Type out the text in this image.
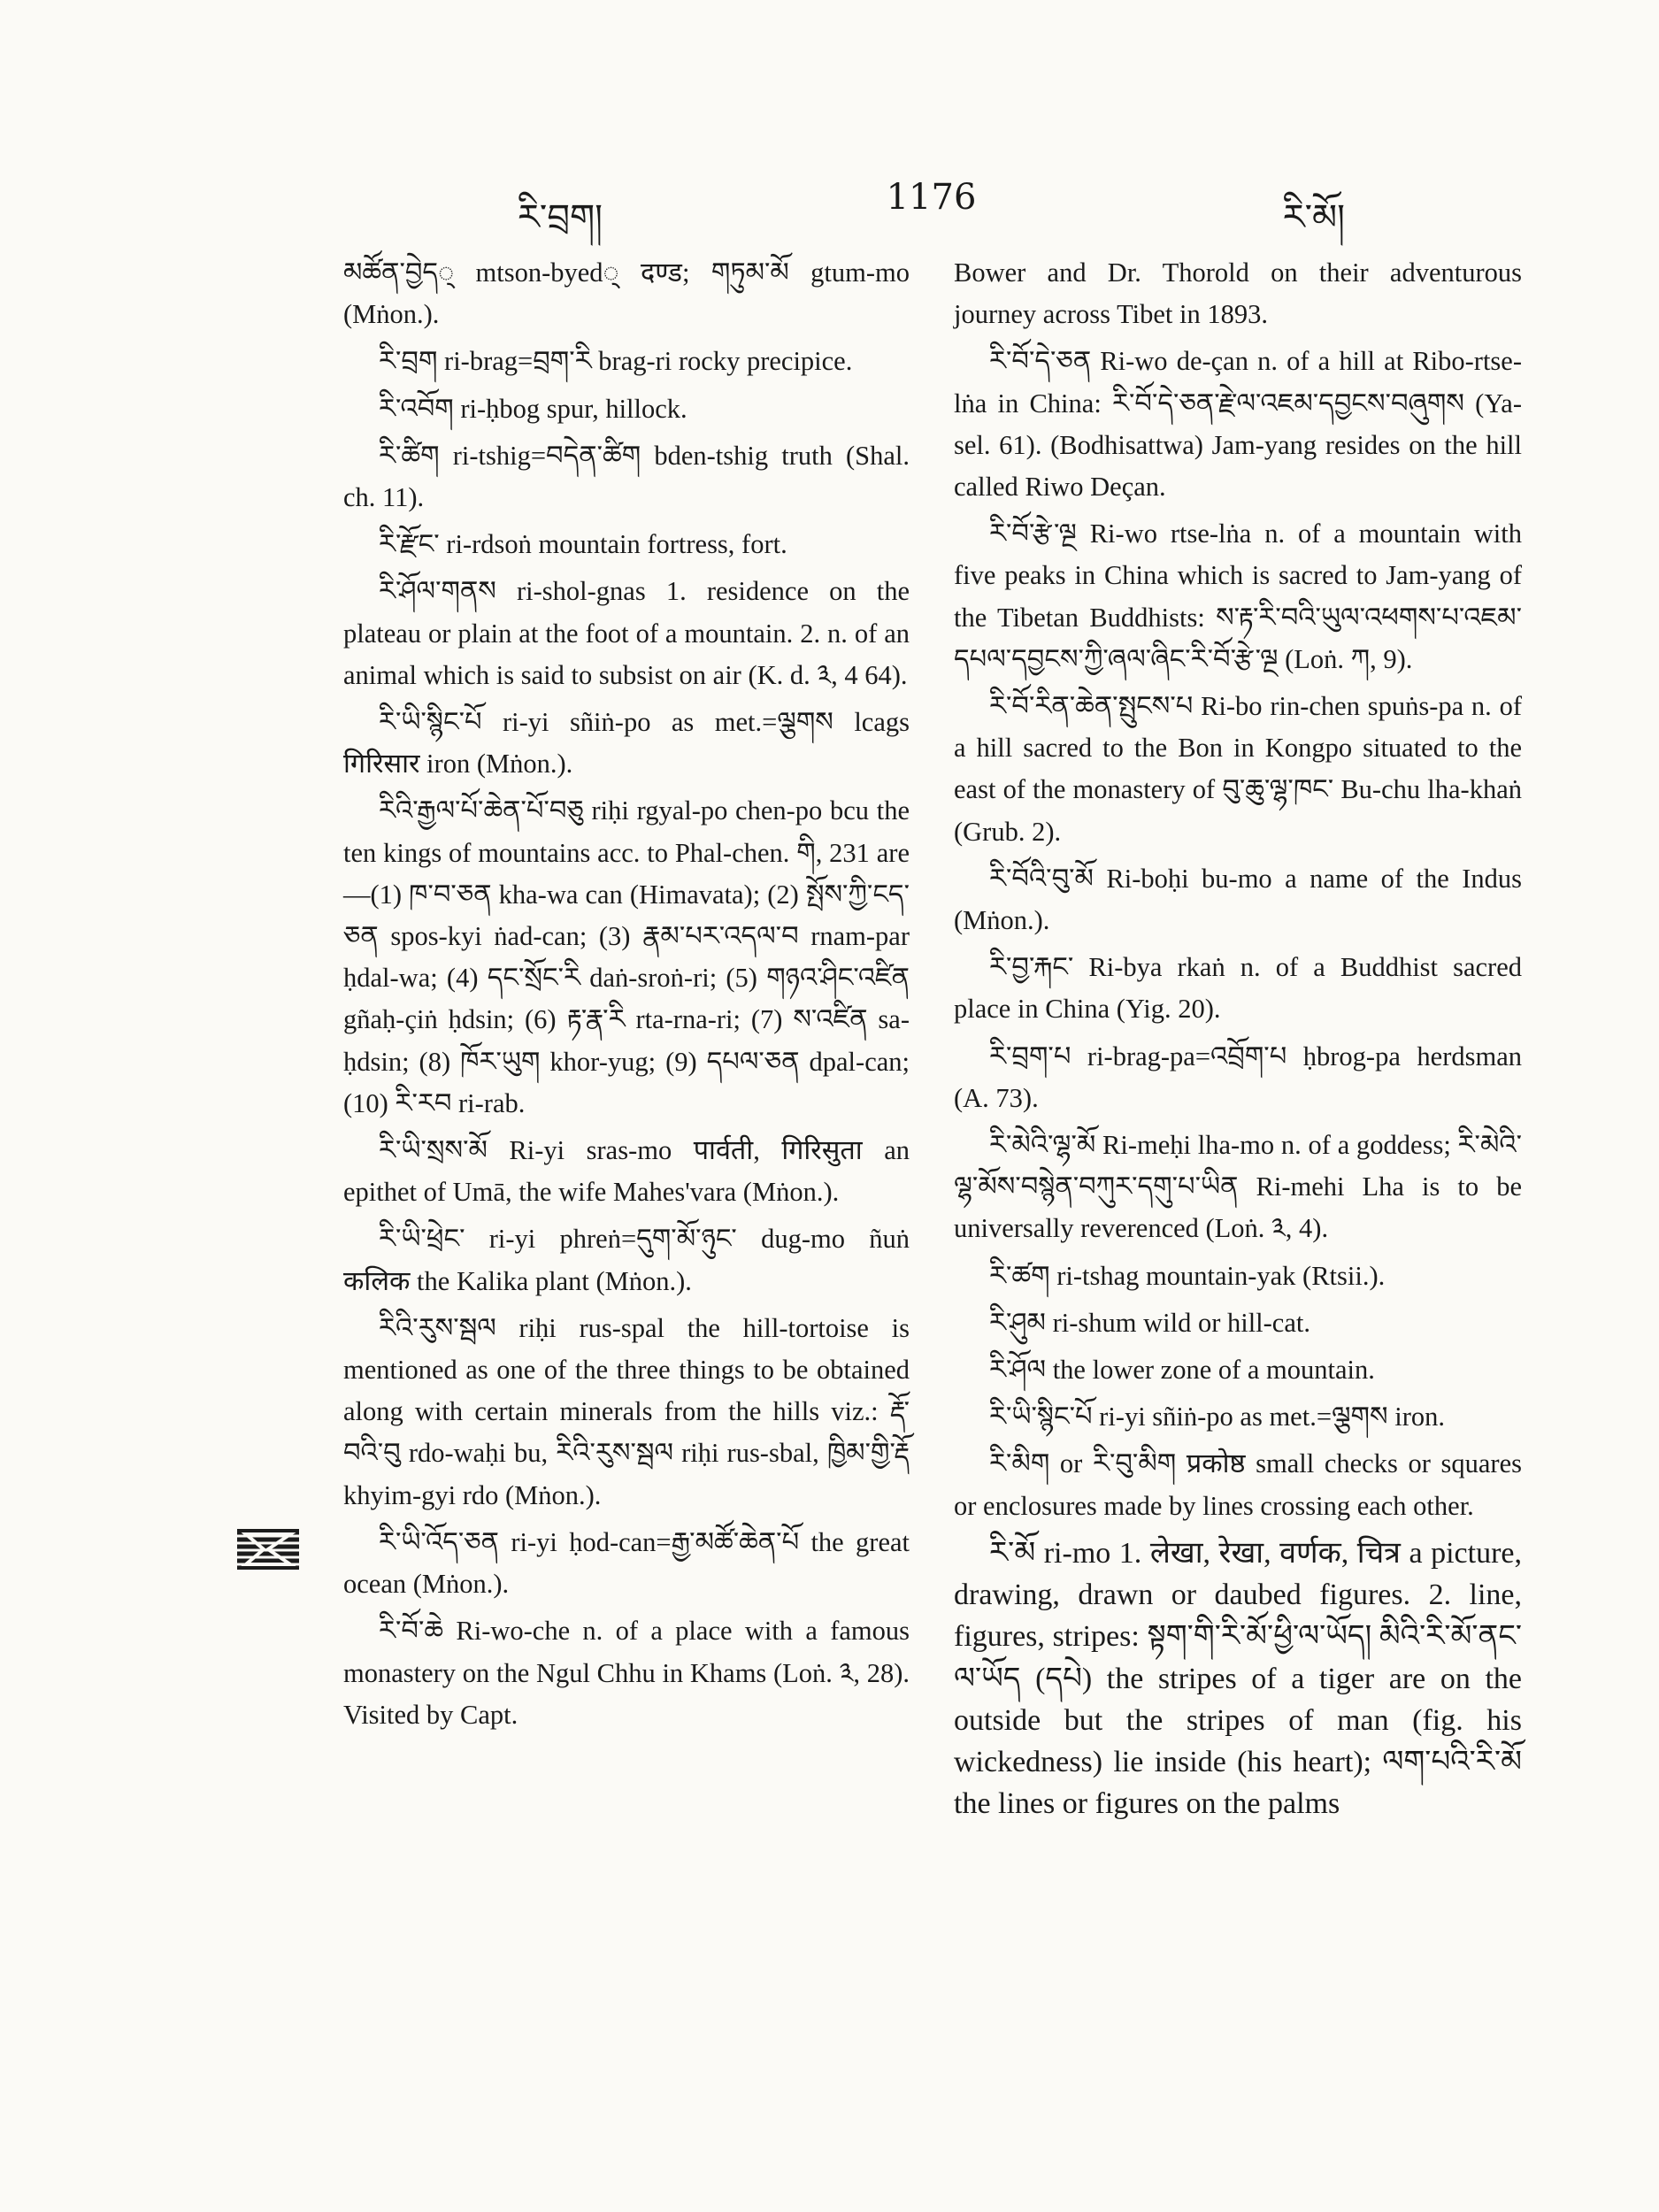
རི་བྲག།	1176	རི་མོ།

མཚོན་བྱེད् mtson-byed् दण्ड; གཏུམ་མོ gtum-mo (Mṅon.).

རི་བྲག ri-brag=བྲག་རི brag-ri rocky precipice.

རི་འབོག ri-ḥbog spur, hillock.

རི་ཚིག ri-tshig=བདེན་ཚིག bden-tshig truth (Shal. ch. 11).

རི་རྫོང་ ri-rdsoṅ mountain fortress, fort.

རི་ཤོལ་གནས ri-shol-gnas 1. residence on the plateau or plain at the foot of a mountain. 2. n. of an animal which is said to subsist on air (K. d. ༣, 4 64).

རི་ཡི་སྙིང་པོ ri-yi sñiṅ-po as met.=ལྕགས lcags गिरिसार iron (Mṅon.).

རིའི་རྒྱལ་པོ་ཆེན་པོ་བཅུ riḥi rgyal-po chen-po bcu the ten kings of mountains acc. to Phal-chen. གི, 231 are—(1) ཁ་བ་ཅན kha-wa can (Himavata); (2) སྤོས་ཀྱི་ངད་ཅན spos-kyi ṅad-can; (3) རྣམ་པར་འདལ་བ rnam-par ḥdal-wa; (4) དང་སྲོང་རི daṅ-sroṅ-ri; (5) གཉའ་ཤིང་འཛིན gñaḥ-çiṅ ḥdsin; (6) རྟ་རྣ་རི rta-rna-ri; (7) ས་འཛིན sa-ḥdsin; (8) ཁོར་ཡུག khor-yug; (9) དཔལ་ཅན dpal-can; (10) རི་རབ ri-rab.

རི་ཡི་སྲས་མོ Ri-yi sras-mo पार्वती, गिरिसुता an epithet of Umā, the wife Mahes'vara (Mṅon.).

རི་ཡི་ཕྲེང་ ri-yi phreṅ=དུག་མོ་ཉུང་ dug-mo ñuṅ कलिक the Kalika plant (Mṅon.).

རིའི་རུས་སྦལ riḥi rus-spal the hill-tortoise is mentioned as one of the three things to be obtained along with certain minerals from the hills viz.: རྡོ་བའི་བུ rdo-waḥi bu, རིའི་རུས་སྦལ riḥi rus-sbal, ཁྱིམ་གྱི་རྡོ khyim-gyi rdo (Mṅon.).

རི་ཡི་འོད་ཅན ri-yi ḥod-can=རྒྱ་མཚོ་ཆེན་པོ the great ocean (Mṅon.).

རི་བོ་ཆེ Ri-wo-che n. of a place with a famous monastery on the Ngul Chhu in Khams (Loṅ. ༣, 28). Visited by Capt.

Bower and Dr. Thorold on their adventurous journey across Tibet in 1893.

རི་བོ་དེ་ཅན Ri-wo de-çan n. of a hill at Ribo-rtse-lṅa in China: རི་བོ་དེ་ཅན་རྗེ་ལ་འཇམ་དབྱངས་བཞུགས (Ya-sel. 61). (Bodhisattwa) Jam-yang resides on the hill called Riwo Deçan.

རི་བོ་རྩེ་ལྔ Ri-wo rtse-lṅa n. of a mountain with five peaks in China which is sacred to Jam-yang of the Tibetan Buddhists: ས་རྟ་རི་བའི་ཡུལ་འཕགས་པ་འཇམ་དཔལ་དབྱངས་ཀྱི་ཞལ་ཞིང་རི་བོ་རྩེ་ལྔ (Loṅ. ཀ, 9).

རི་བོ་རིན་ཆེན་སྤུངས་པ Ri-bo rin-chen spuṅs-pa n. of a hill sacred to the Bon in Kongpo situated to the east of the monastery of བུ་ཆུ་ལྷ་ཁང་ Bu-chu lha-khaṅ (Grub. 2).

རི་བོའི་བུ་མོ Ri-boḥi bu-mo a name of the Indus (Mṅon.).

རི་བྱ་རྐང་ Ri-bya rkaṅ n. of a Buddhist sacred place in China (Yig. 20).

རི་བྲག་པ ri-brag-pa=འབྲོག་པ ḥbrog-pa herdsman (A. 73).

རི་མེའི་ལྷ་མོ Ri-meḥi lha-mo n. of a goddess; རི་མེའི་ལྷ་མོས་བསྙེན་བཀུར་དགུ་པ་ཡིན Ri-mehi Lha is to be universally reverenced (Loṅ. ༣, 4).

རི་ཚག ri-tshag mountain-yak (Rtsii.).

རི་ཤུམ ri-shum wild or hill-cat.

རི་ཤོལ the lower zone of a mountain.

རི་ཡི་སྙིང་པོ ri-yi sñiṅ-po as met.=ལྕགས iron.

རི་མིག or རི་བུ་མིག प्रकोष्ठ small checks or squares or enclosures made by lines crossing each other.

རི་མོ ri-mo 1. लेखा, रेखा, वर्णक, चित्र a picture, drawing, drawn or daubed figures. 2. line, figures, stripes: སྟག་གི་རི་མོ་ཕྱི་ལ་ཡོད། མིའི་རི་མོ་ནང་ལ་ཡོད (དཔེ) the stripes of a tiger are on the outside but the stripes of man (fig. his wickedness) lie inside (his heart); ལག་པའི་རི་མོ the lines or figures on the palms
